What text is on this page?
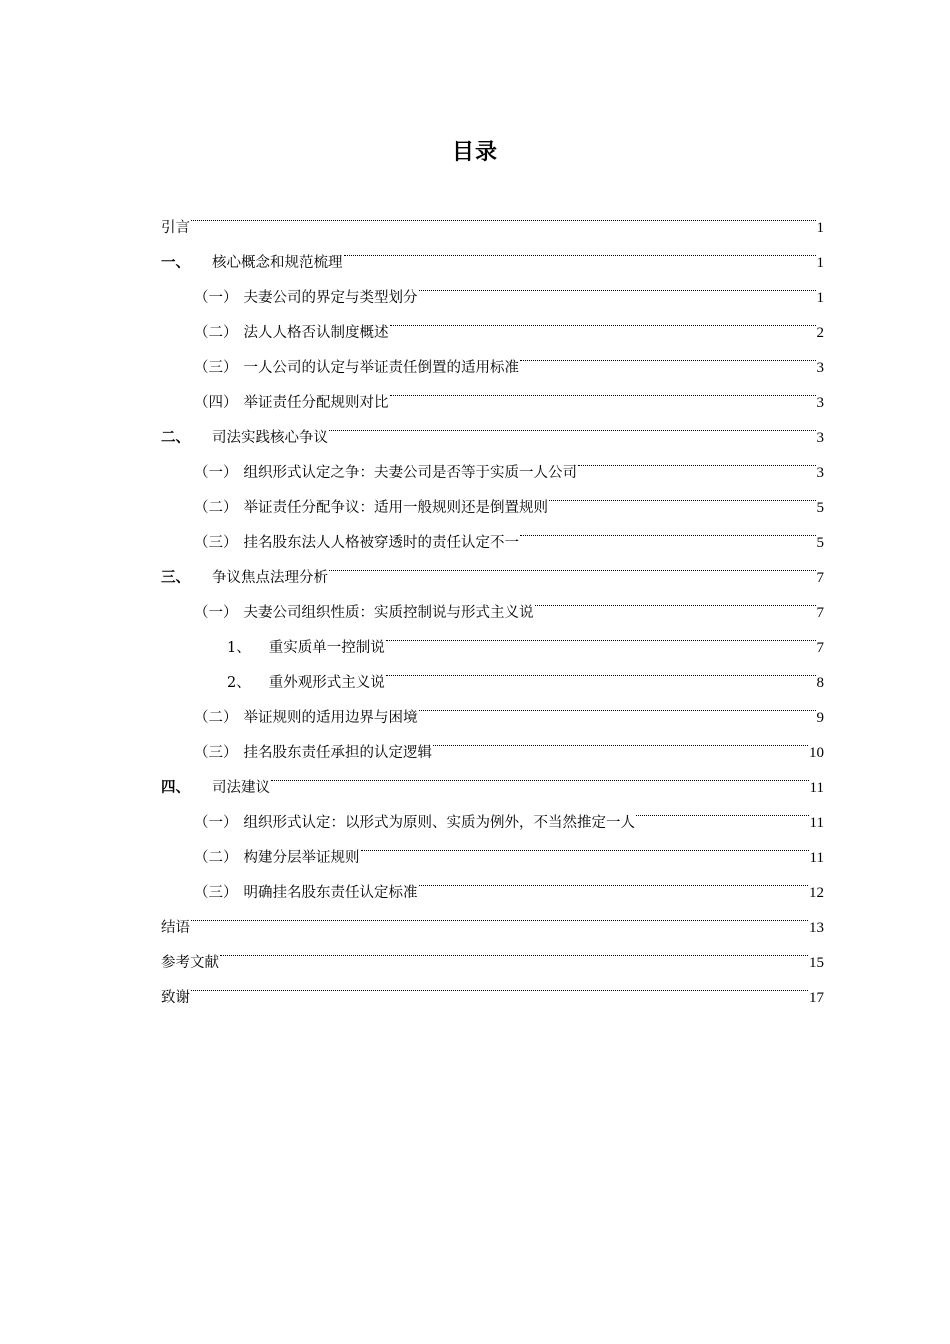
目录
引言	1
一、 核心概念和规范梳理	1
（一） 夫妻公司的界定与类型划分	1
（二） 法人人格否认制度概述	2
（三） 一人公司的认定与举证责任倒置的适用标准	3
（四） 举证责任分配规则对比	3
二、 司法实践核心争议	3
（一） 组织形式认定之争：夫妻公司是否等于实质一人公司	3
（二） 举证责任分配争议：适用一般规则还是倒置规则	5
（三） 挂名股东法人人格被穿透时的责任认定不一	5
三、 争议焦点法理分析	7
（一） 夫妻公司组织性质：实质控制说与形式主义说	7
1、 重实质单一控制说	7
2、 重外观形式主义说	8
（二） 举证规则的适用边界与困境	9
（三） 挂名股东责任承担的认定逻辑	10
四、 司法建议	11
（一） 组织形式认定：以形式为原则、实质为例外，不当然推定一人	11
（二） 构建分层举证规则	11
（三） 明确挂名股东责任认定标准	12
结语	13
参考文献	15
致谢	17
